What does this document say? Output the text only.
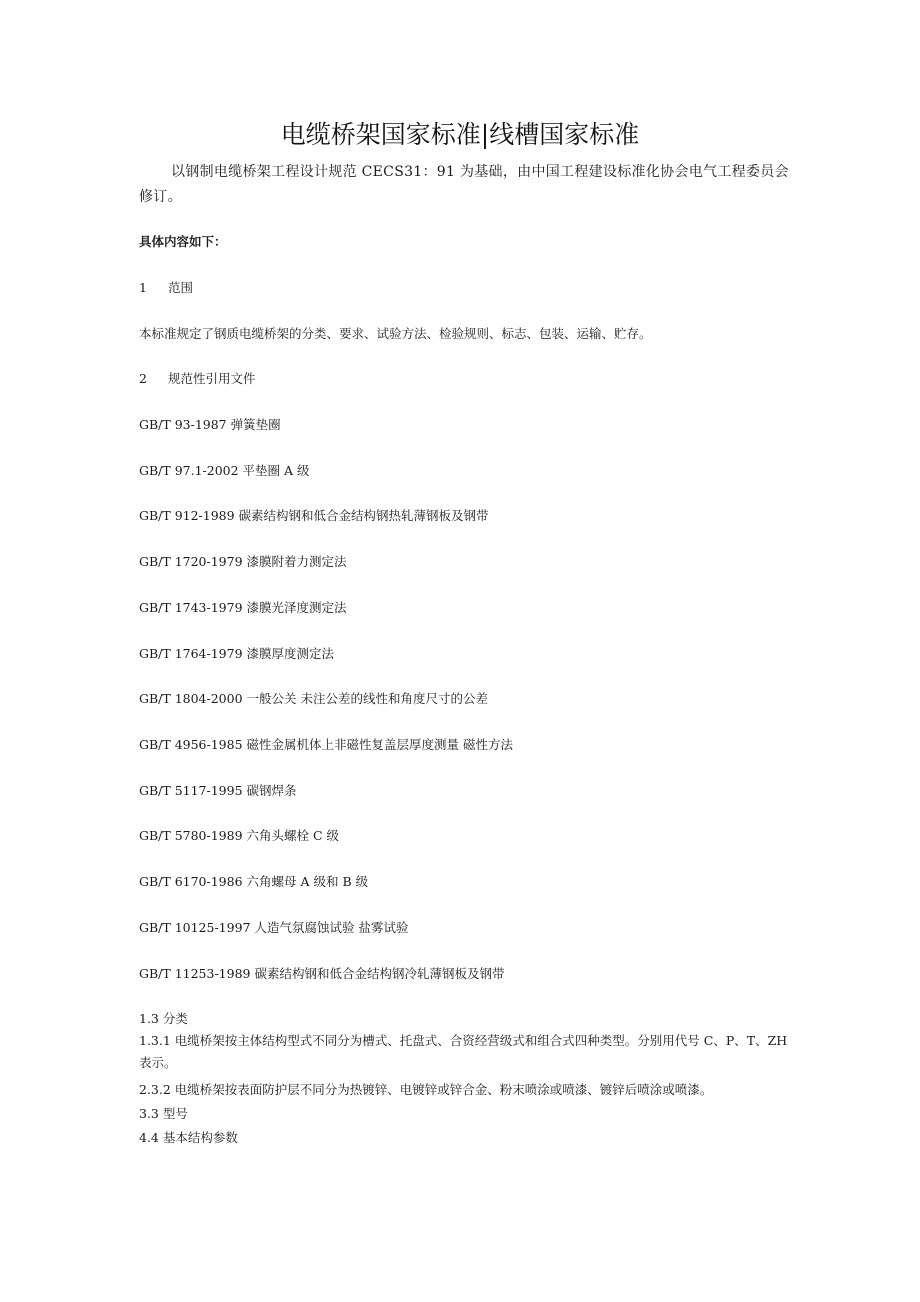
电缆桥架国家标准|线槽国家标准
以钢制电缆桥架工程设计规范 CECS31：91 为基础，由中国工程建设标准化协会电气工程委员会修订。
具体内容如下：
1 范围
本标准规定了钢质电缆桥架的分类、要求、试验方法、检验规则、标志、包装、运输、贮存。
2 规范性引用文件
GB/T 93-1987 弹簧垫圈
GB/T 97.1-2002 平垫圈 A 级
GB/T 912-1989 碳素结构钢和低合金结构钢热轧薄钢板及钢带
GB/T 1720-1979 漆膜附着力测定法
GB/T 1743-1979 漆膜光泽度测定法
GB/T 1764-1979 漆膜厚度测定法
GB/T 1804-2000 一般公关 未注公差的线性和角度尺寸的公差
GB/T 4956-1985 磁性金属机体上非磁性复盖层厚度测量 磁性方法
GB/T 5117-1995 碳钢焊条
GB/T 5780-1989 六角头螺栓 C 级
GB/T 6170-1986 六角螺母 A 级和 B 级
GB/T 10125-1997 人造气氛腐蚀试验 盐雾试验
GB/T 11253-1989 碳素结构钢和低合金结构钢冷轧薄钢板及钢带
1.3 分类
1.3.1 电缆桥架按主体结构型式不同分为槽式、托盘式、合资经营级式和组合式四种类型。分别用代号 C、P、T、ZH 表示。
2.3.2 电缆桥架按表面防护层不同分为热镀锌、电镀锌或锌合金、粉末喷涂或喷漆、镀锌后喷涂或喷漆。
3.3 型号
4.4 基本结构参数
